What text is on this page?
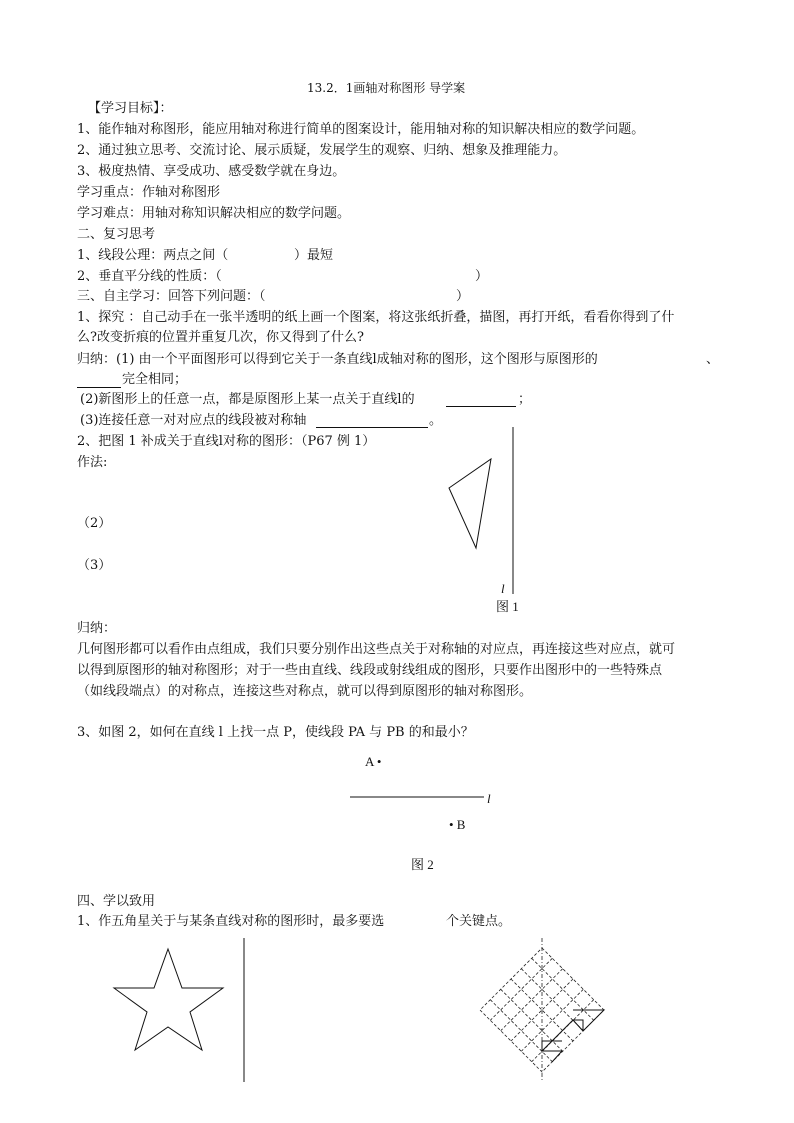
13.2．1画轴对称图形 导学案
【学习目标】：
1、能作轴对称图形，能应用轴对称进行简单的图案设计，能用轴对称的知识解决相应的数学问题。
2、通过独立思考、交流讨论、展示质疑，发展学生的观察、归纳、想象及推理能力。
3、极度热情、享受成功、感受数学就在身边。
学习重点：作轴对称图形
学习难点：用轴对称知识解决相应的数学问题。
二、复习思考
1、线段公理：两点之间（	）最短
2、垂直平分线的性质：（	）
三、自主学习：回答下列问题：（	）
1、探究 ：自己动手在一张半透明的纸上画一个图案，将这张纸折叠，描图，再打开纸，看看你得到了什
么?改变折痕的位置并重复几次，你又得到了什么?
归纳：(1) 由一个平面图形可以得到它关于一条直线l成轴对称的图形，这个图形与原图形的	、
完全相同；
(2)新图形上的任意一点，都是原图形上某一点关于直线l的	；
(3)连接任意一对对应点的线段被对称轴	。
2、把图 1 补成关于直线l对称的图形：（P67 例 1）
作法:
（2）
（3）
l
图 1
归纳：
几何图形都可以看作由点组成，我们只要分别作出这些点关于对称轴的对应点，再连接这些对应点，就可
以得到原图形的轴对称图形；对于一些由直线、线段或射线组成的图形，只要作出图形中的一些特殊点
（如线段端点）的对称点，连接这些对称点，就可以得到原图形的轴对称图形。
3、如图 2，如何在直线 l 上找一点 P，使线段 PA 与 PB 的和最小？
A •
l
• B
图 2
四、学以致用
1、作五角星关于与某条直线对称的图形时，最多要选	个关键点。
